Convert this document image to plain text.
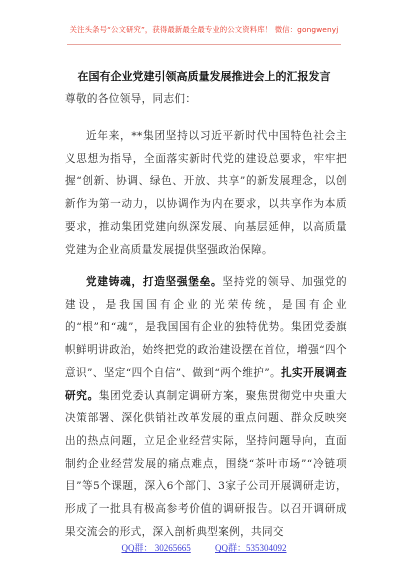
关注头条号“公文研究”，获得最新最全最专业的公文资料库！ 微信：gongwenyj
在国有企业党建引领高质量发展推进会上的汇报发言
尊敬的各位领导，同志们：
近年来，**集团坚持以习近平新时代中国特色社会主义思想为指导，全面落实新时代党的建设总要求，牢牢把握“创新、协调、绿色、开放、共享”的新发展理念，以创新作为第一动力，以协调作为内在要求，以共享作为本质要求，推动集团党建向纵深发展、向基层延伸，以高质量党建为企业高质量发展提供坚强政治保障。
党建铸魂，打造坚强堡垒。坚持党的领导、加强党的建设，是我国国有企业的光荣传统，是国有企业的“根”和“魂”，是我国国有企业的独特优势。集团党委旗帜鲜明讲政治，始终把党的政治建设摆在首位，增强“四个意识”、坚定“四个自信”、做到“两个维护”。扎实开展调查研究。集团党委认真制定调研方案，聚焦贯彻党中央重大决策部署、深化供销社改革发展的重点问题、群众反映突出的热点问题，立足企业经营实际，坚持问题导向，直面制约企业经营发展的痛点难点，围绕“茶叶市场”“冷链项目”等5个课题，深入6个部门、3家子公司开展调研走访，形成了一批具有极高参考价值的调研报告。以召开调研成果交流会的形式，深入剖析典型案例，共同交
QQ群： 30265665	QQ群：535304092
